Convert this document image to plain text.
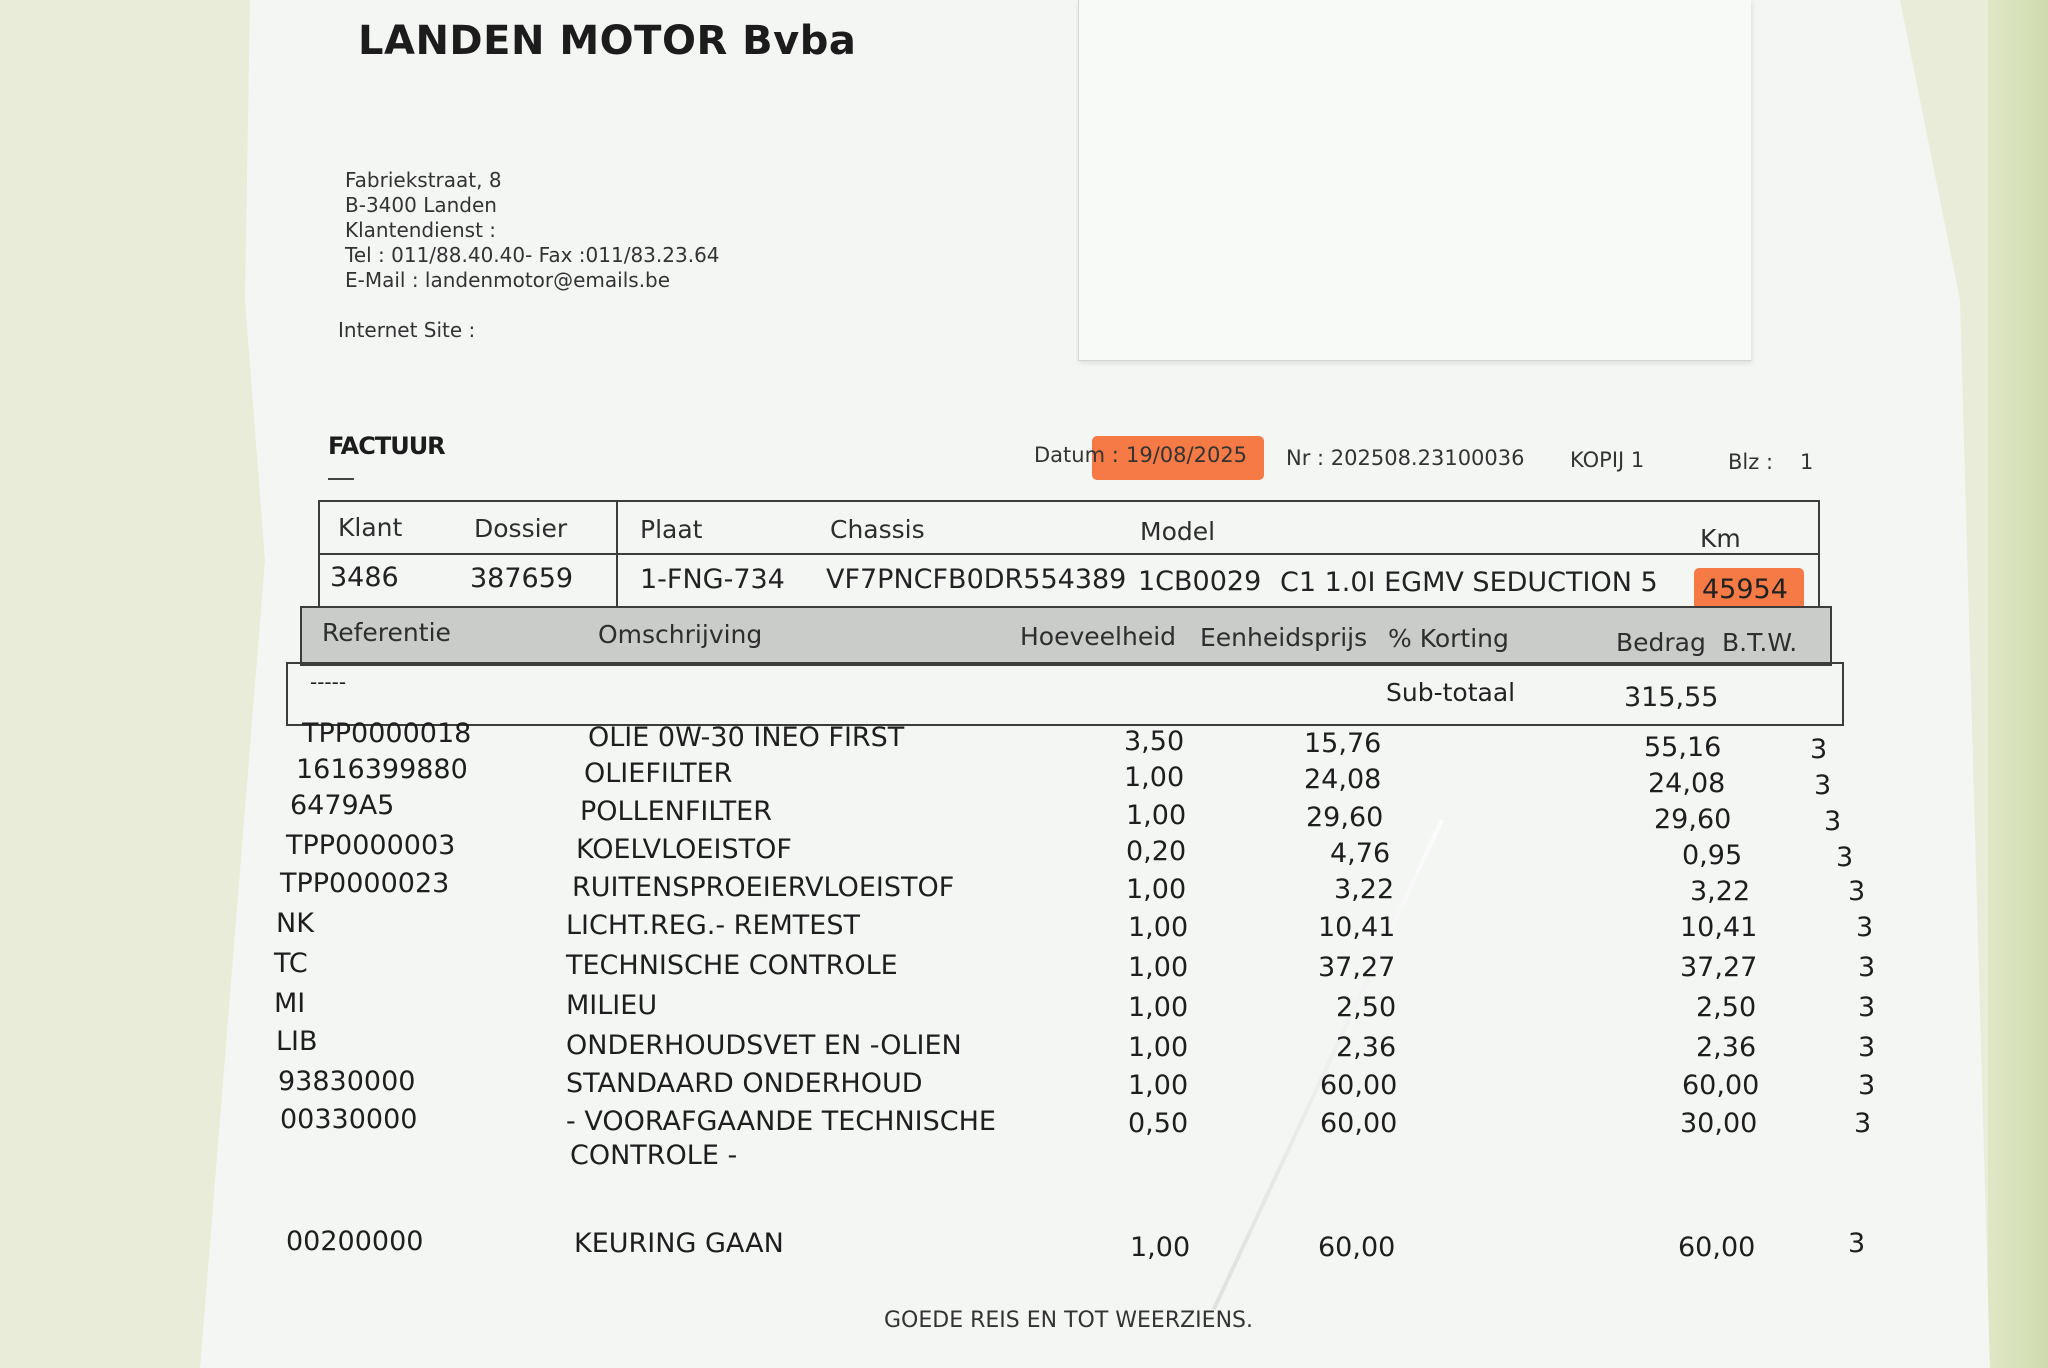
LANDEN MOTOR Bvba
Fabriekstraat, 8
B-3400 Landen
Klantendienst :
Tel : 011/88.40.40- Fax :011/83.23.64
E-Mail : landenmotor@emails.be
Internet Site :
FACTUUR	Datum : 19/08/2025 Nr : 202508.23100036 KOPIJ 1	Blz : 1
Klant	Dossier	Plaat	Chassis	Model	Km
3486	387659 1-FNG-734 VF7PNCFB0DR554389 1CB0029 C1 1.0I EGMV SEDUCTION 5 45954
Referentie	Omschrijving	Hoeveelheid Eenheidsprijs % Korting	Bedrag B.T.W.
-----	Sub-totaal	315,55
TPP0000018	OLIE 0W-30 INEO FIRST	3,50	15,76	55,16	3
1616399880	OLIEFILTER	1,00	24,08	24,08	3
6479A5	POLLENFILTER	1,00	29,60	29,60	3
TPP0000003	KOELVLOEISTOF	0,20	4,76	0,95	3
TPP0000023	RUITENSPROEIERVLOEISTOF	1,00	3,22	3,22	3
NK	LICHT.REG.- REMTEST	1,00	10,41	10,41	3
TC	TECHNISCHE CONTROLE	1,00	37,27	37,27	3
MI	MILIEU	1,00	2,50	2,50	3
LIB	ONDERHOUDSVET EN -OLIEN	1,00	2,36	2,36	3
93830000	STANDAARD ONDERHOUD	1,00	60,00	60,00	3
00330000	- VOORAFGAANDE TECHNISCHE
CONTROLE -
0,50	60,00	30,00	3
00200000	KEURING GAAN	1,00	60,00	60,00	3
GOEDE REIS EN TOT WEERZIENS.
